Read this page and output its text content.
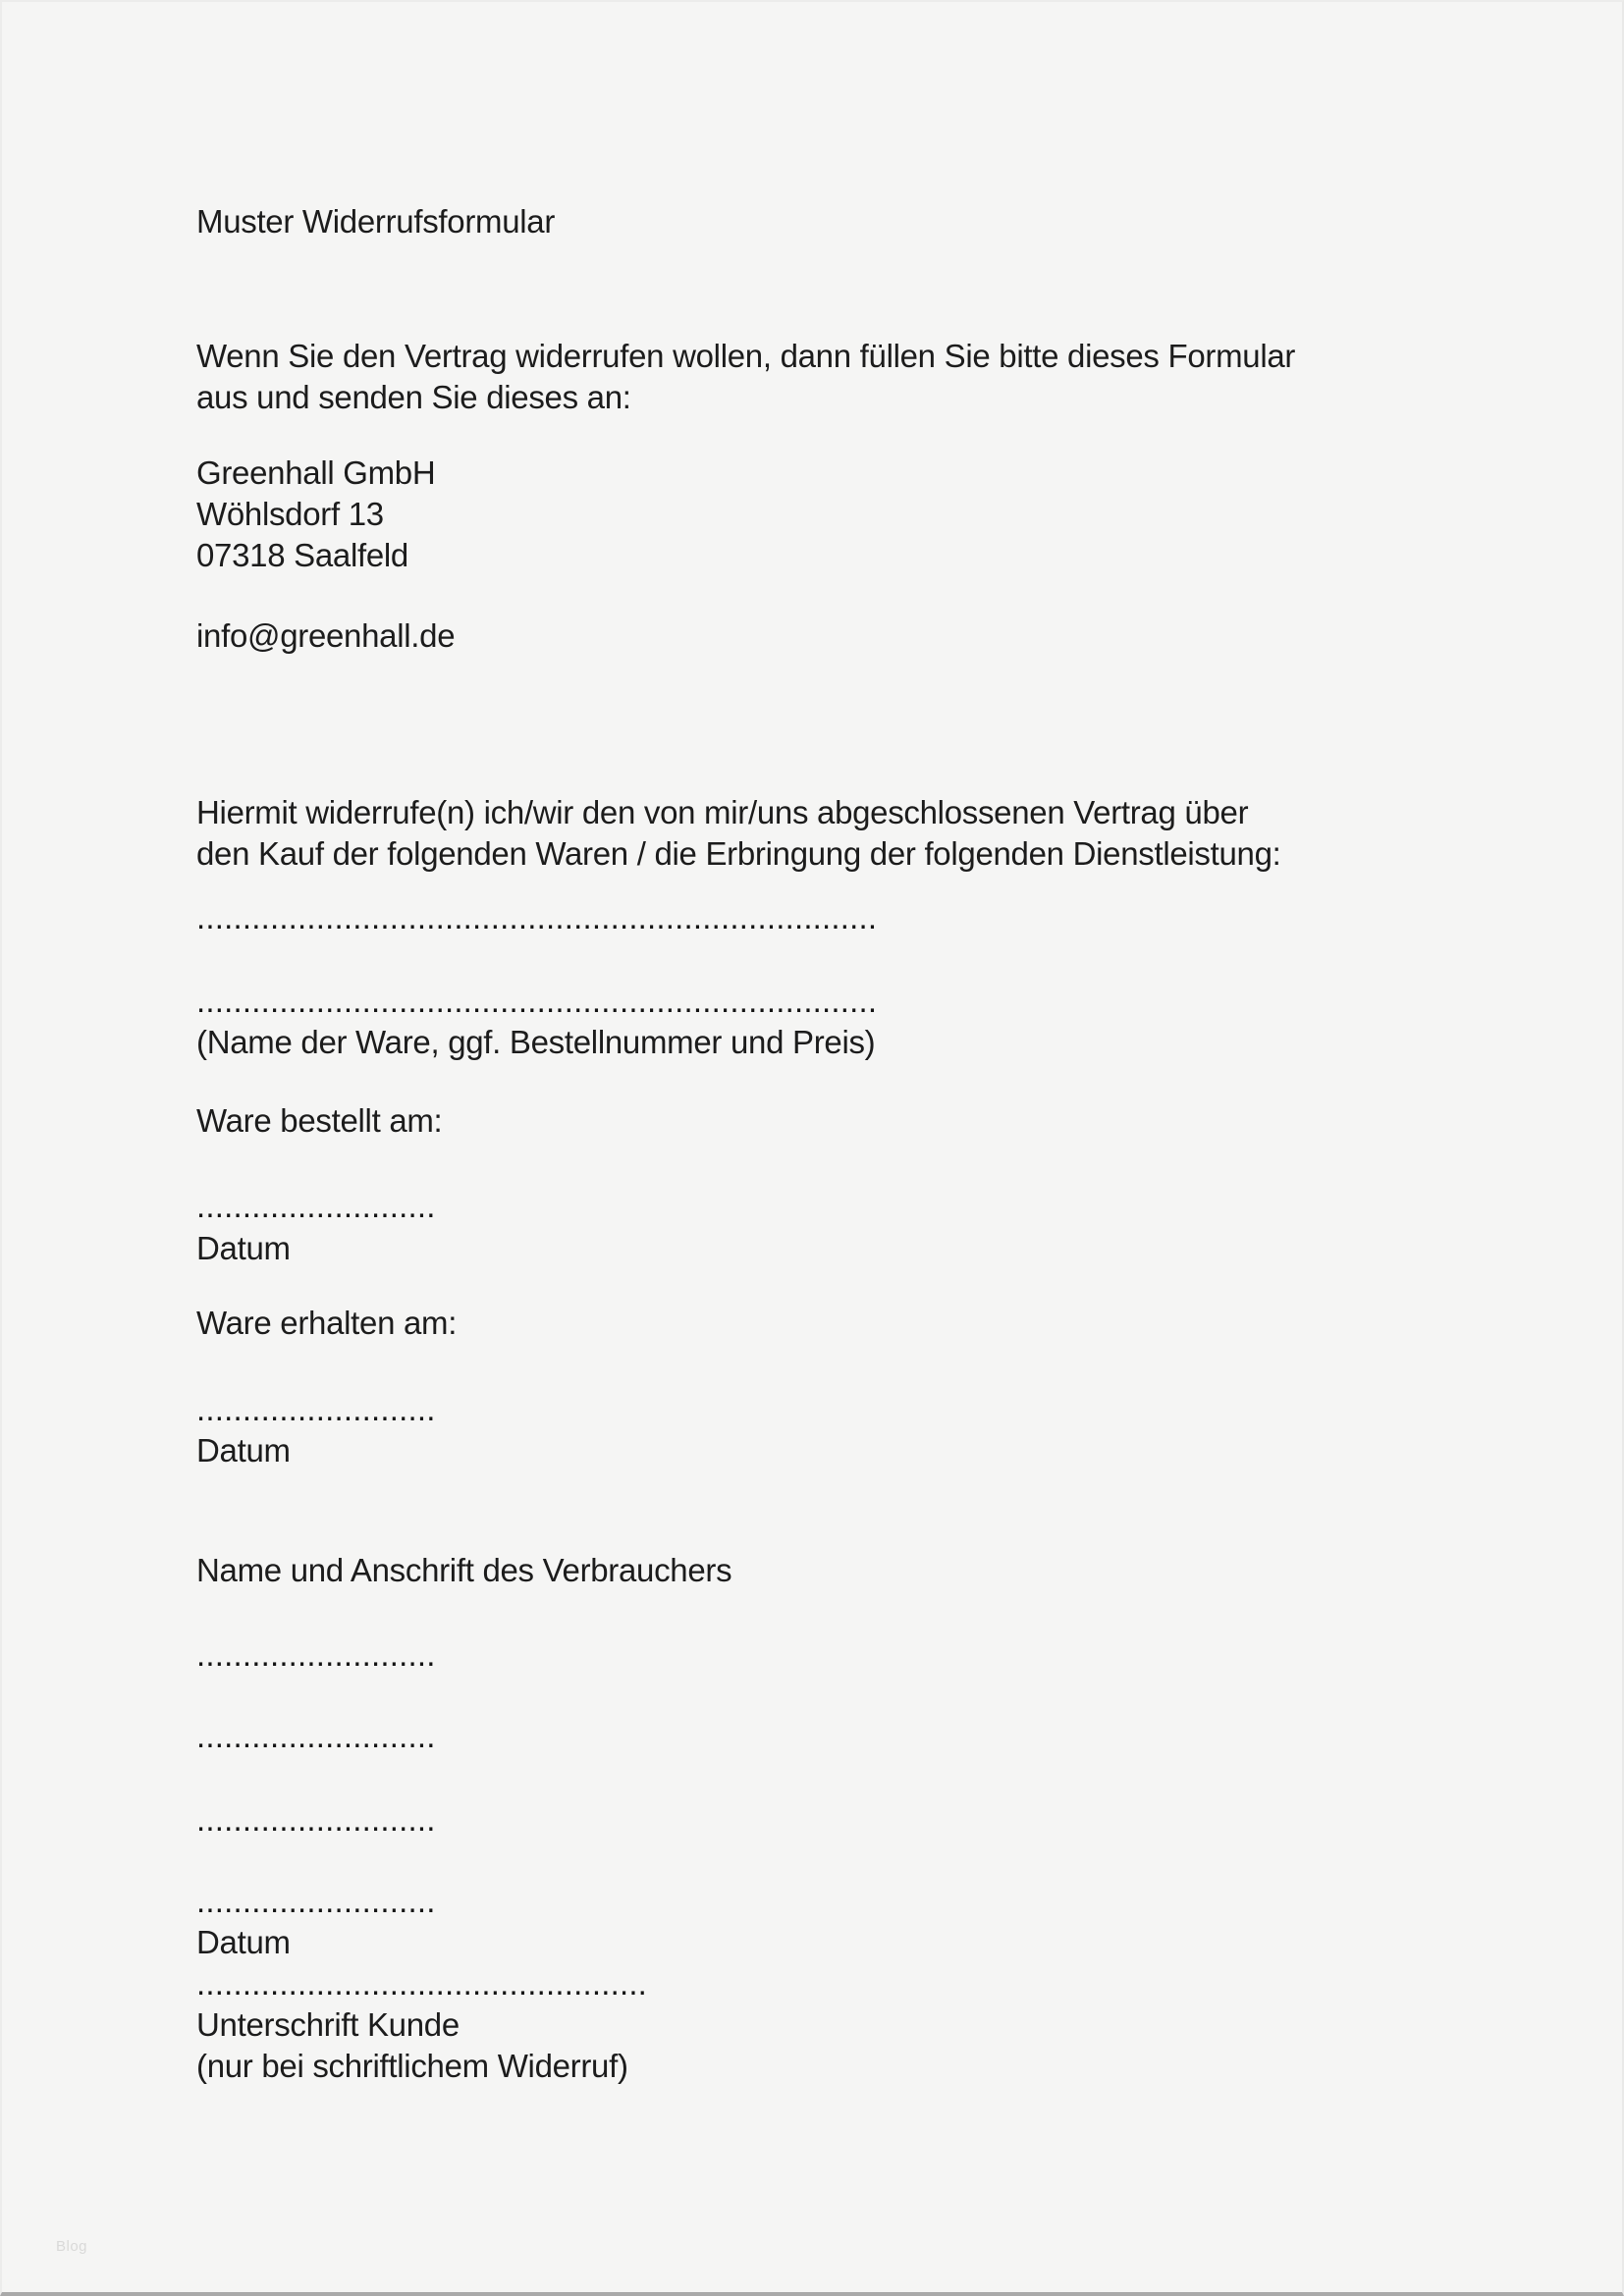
Muster Widerrufsformular
Wenn Sie den Vertrag widerrufen wollen, dann füllen Sie bitte dieses Formular
aus und senden Sie dieses an:
Greenhall GmbH
Wöhlsdorf 13
07318 Saalfeld
info@greenhall.de
Hiermit widerrufe(n) ich/wir den von mir/uns abgeschlossenen Vertrag über
den Kauf der folgenden Waren / die Erbringung der folgenden Dienstleistung:
..........................................................................
..........................................................................
(Name der Ware, ggf. Bestellnummer und Preis)
Ware bestellt am:
..........................
Datum
Ware erhalten am:
..........................
Datum
Name und Anschrift des Verbrauchers
..........................
..........................
..........................
..........................
Datum
.................................................
Unterschrift Kunde
(nur bei schriftlichem Widerruf)
Blog
